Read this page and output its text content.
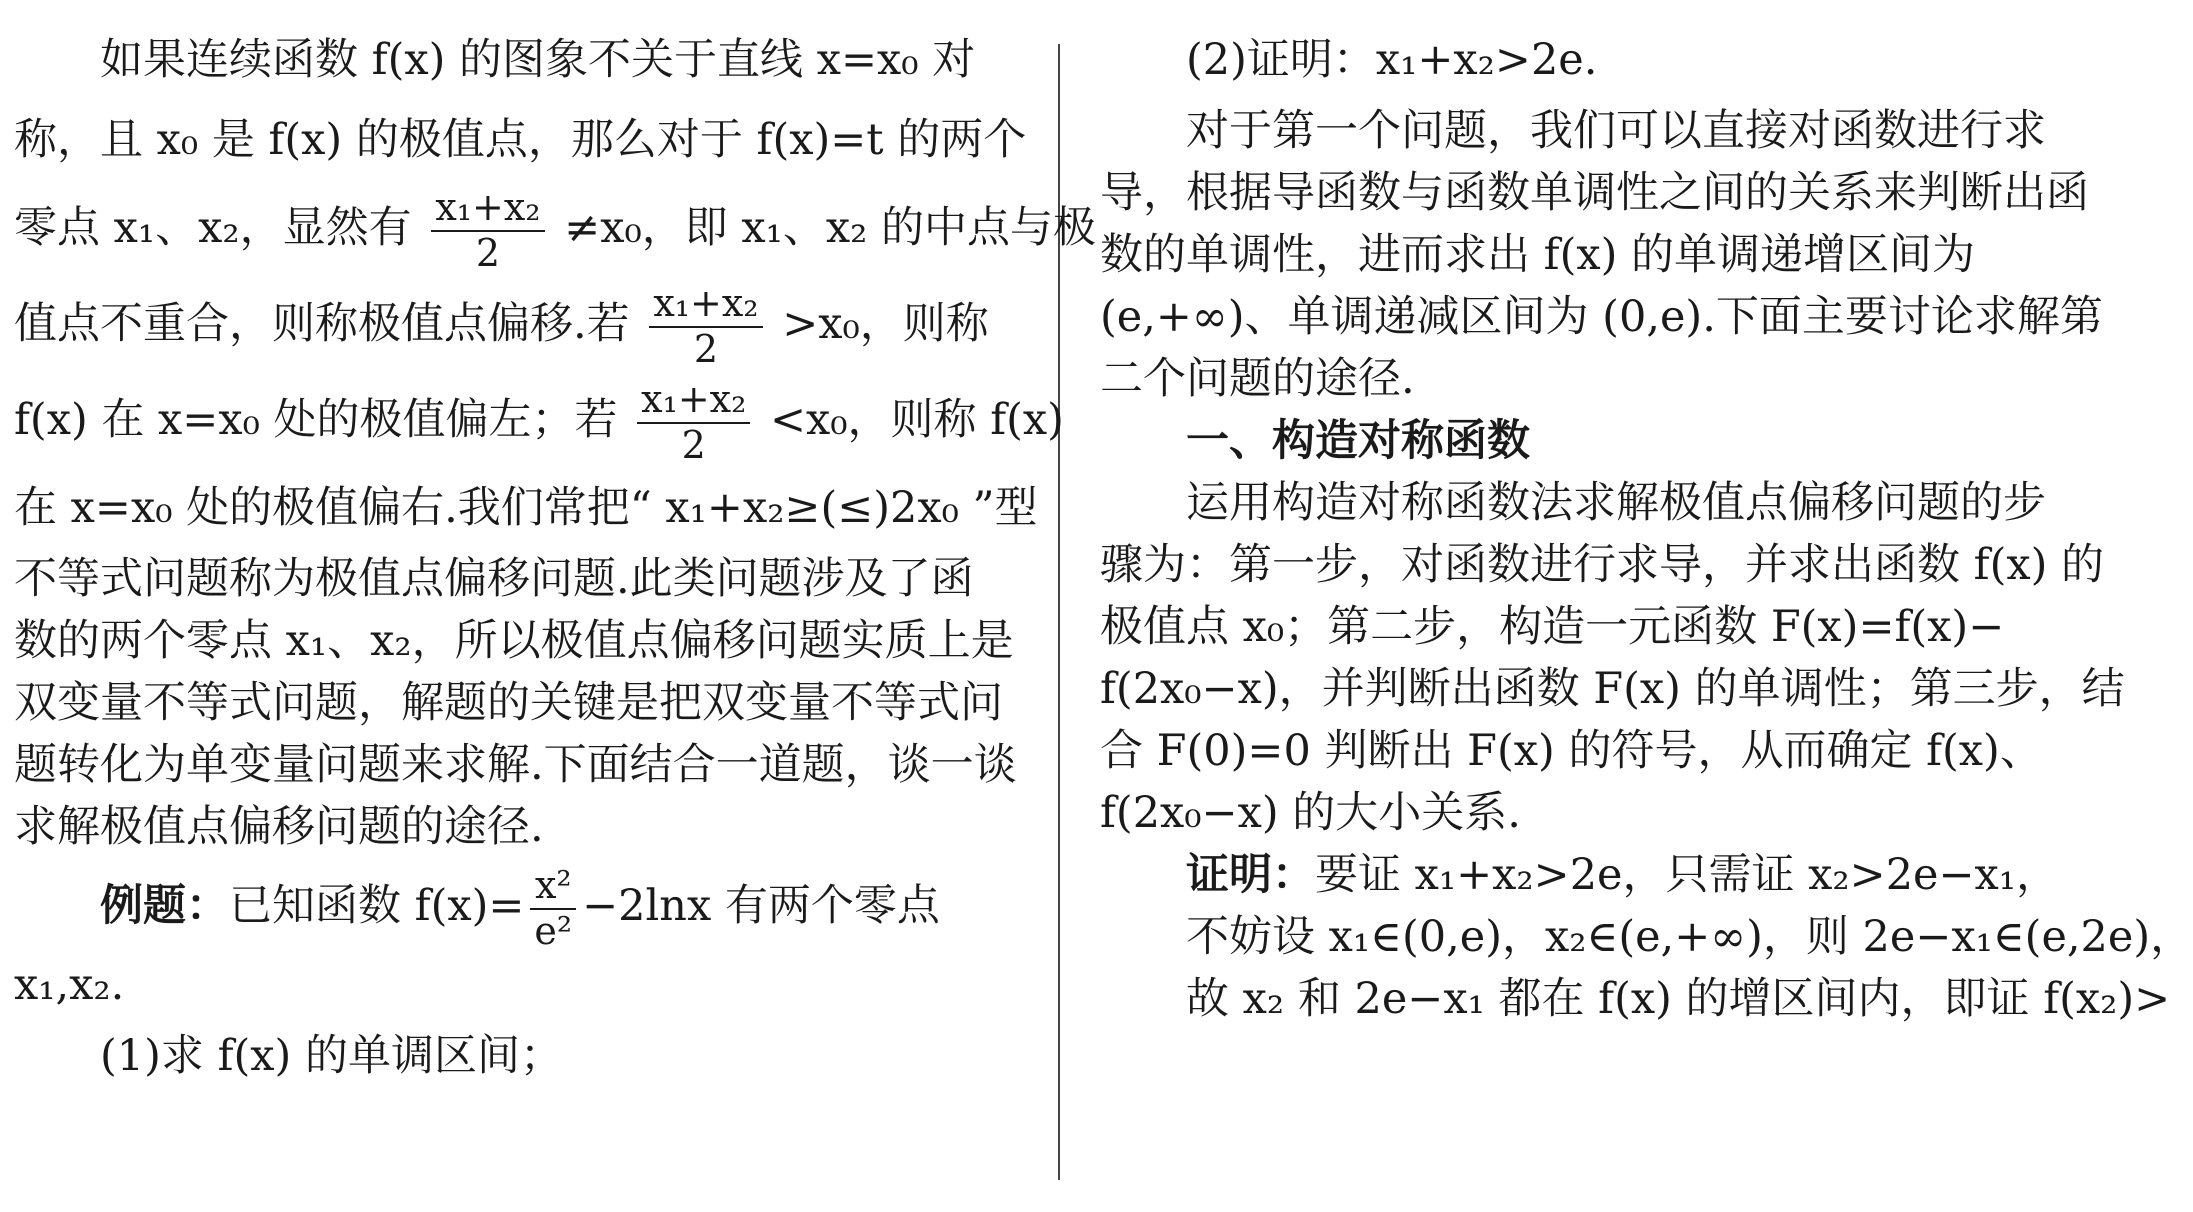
如果连续函数 f(x) 的图象不关于直线 x=x₀ 对
称，且 x₀ 是 f(x) 的极值点，那么对于 f(x)=t 的两个
零点 x₁、x₂，显然有 $\frac{\text{x₁+x₂}}{2} \ne x_0$，即 x₁、x₂ 的中点与极
值点不重合，则称极值点偏移.若 $\frac{\text{x₁+x₂}}{2} >x_0$，则称
f(x) 在 x=x₀ 处的极值偏左；若 $\frac{\text{x₁+x₂}}{2} <x_0$，则称 f(x)
在 x=x₀ 处的极值偏右.我们常把“ x₁+x₂≥(≤)2x₀ ”型
不等式问题称为极值点偏移问题.此类问题涉及了函
数的两个零点 x₁、x₂，所以极值点偏移问题实质上是
双变量不等式问题，解题的关键是把双变量不等式问
题转化为单变量问题来求解.下面结合一道题，谈一谈
求解极值点偏移问题的途径.
例题：已知函数 $f(x)= \frac{\text{x²}}{\text{e²}} -2\ln x$ 有两个零点
x₁,x₂.
(1)求 f(x) 的单调区间；
(2)证明：x₁+x₂>2e.
对于第一个问题，我们可以直接对函数进行求
导，根据导函数与函数单调性之间的关系来判断出函
数的单调性，进而求出 f(x) 的单调递增区间为
(e,+∞)、单调递减区间为 (0,e).下面主要讨论求解第
二个问题的途径.
一、构造对称函数
运用构造对称函数法求解极值点偏移问题的步
骤为：第一步，对函数进行求导，并求出函数 f(x) 的
极值点 x₀；第二步，构造一元函数 F(x)=f(x)−
f(2x₀−x)，并判断出函数 F(x) 的单调性；第三步，结
合 F(0)=0 判断出 F(x) 的符号，从而确定 f(x)、
f(2x₀−x) 的大小关系.
证明：要证 x₁+x₂>2e，只需证 x₂>2e−x₁，
不妨设 x₁∈(0,e)，x₂∈(e,+∞)，则 2e−x₁∈(e,2e)，
故 x₂ 和 2e−x₁ 都在 f(x) 的增区间内，即证 f(x₂)>
